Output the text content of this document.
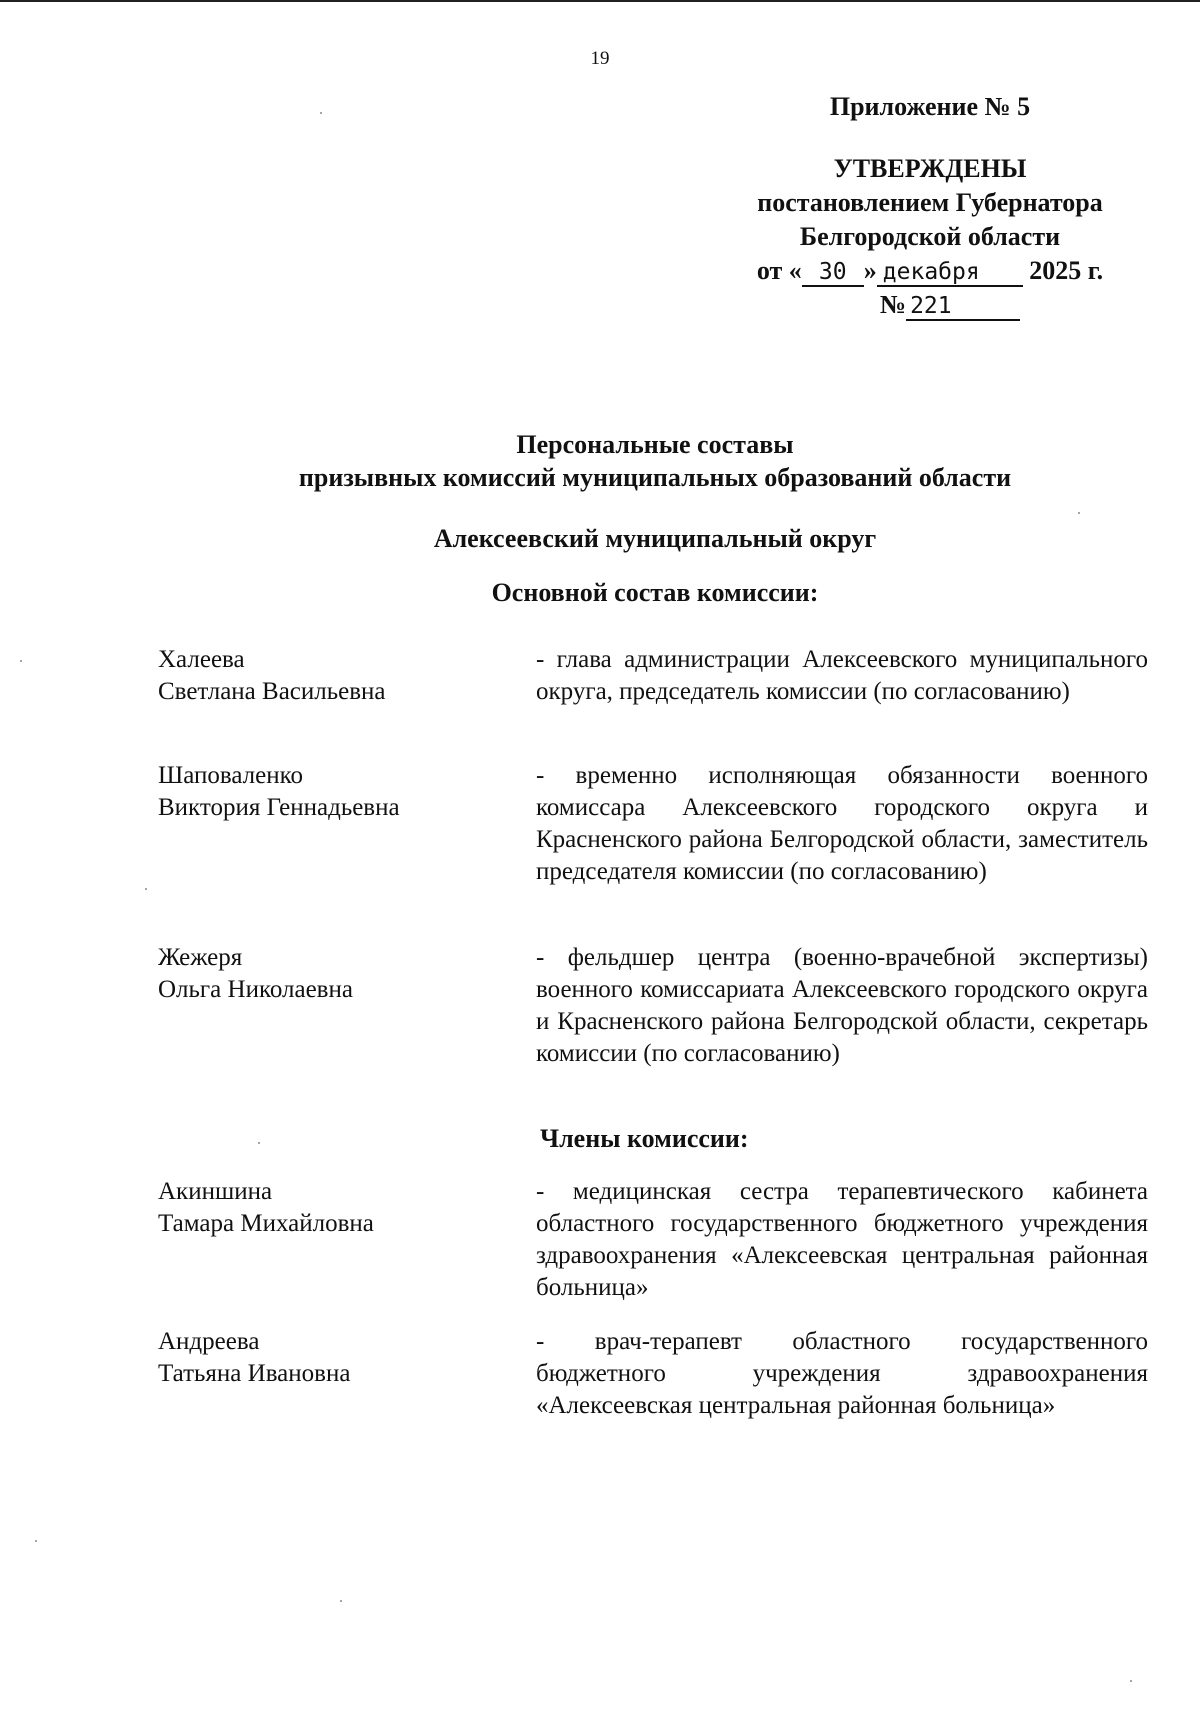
19
Приложение № 5
УТВЕРЖДЕНЫ
постановлением Губернатора
Белгородской области
от « 30 » декабря 2025 г.
№ 221
Персональные составы
призывных комиссий муниципальных образований области
Алексеевский муниципальный округ
Основной состав комиссии:
Халеева
Светлана Васильевна
- глава администрации Алексеевского муниципального округа, председатель комиссии (по согласованию)
Шаповаленко
Виктория Геннадьевна
- временно исполняющая обязанности военного комиссара Алексеевского городского округа и Красненского района Белгородской области, заместитель председателя комиссии (по согласованию)
Жежеря
Ольга Николаевна
- фельдшер центра (военно-врачебной экспертизы) военного комиссариата Алексеевского городского округа и Красненского района Белгородской области, секретарь комиссии (по согласованию)
Члены комиссии:
Акиншина
Тамара Михайловна
- медицинская сестра терапевтического кабинета областного государственного бюджетного учреждения здравоохранения «Алексеевская центральная районная больница»
Андреева
Татьяна Ивановна
- врач-терапевт областного государственного бюджетного учреждения здравоохранения «Алексеевская центральная районная больница»
